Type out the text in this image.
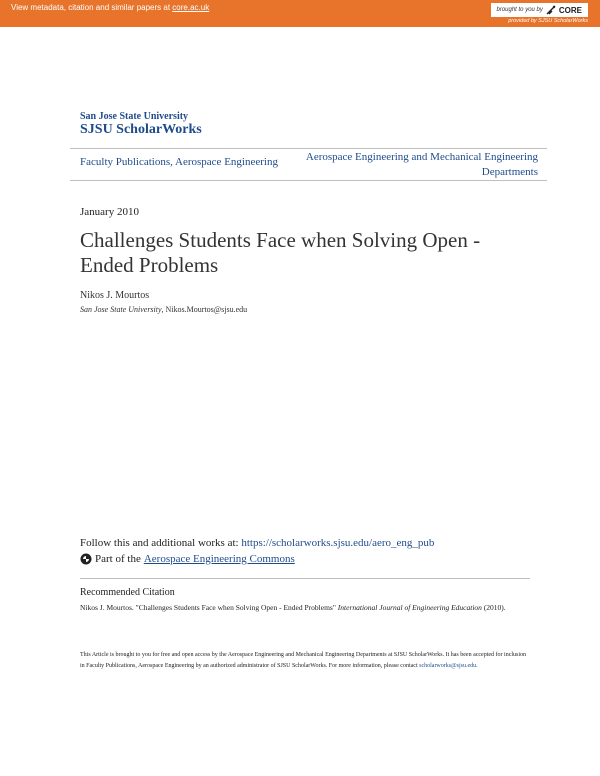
View metadata, citation and similar papers at core.ac.uk	brought to you by CORE
provided by SJSU ScholarWorks
San Jose State University
SJSU ScholarWorks
Faculty Publications, Aerospace Engineering	Aerospace Engineering and Mechanical Engineering Departments
January 2010
Challenges Students Face when Solving Open - Ended Problems
Nikos J. Mourtos
San Jose State University, Nikos.Mourtos@sjsu.edu
Follow this and additional works at: https://scholarworks.sjsu.edu/aero_eng_pub
Part of the Aerospace Engineering Commons
Recommended Citation
Nikos J. Mourtos. "Challenges Students Face when Solving Open - Ended Problems" International Journal of Engineering Education (2010).
This Article is brought to you for free and open access by the Aerospace Engineering and Mechanical Engineering Departments at SJSU ScholarWorks. It has been accepted for inclusion in Faculty Publications, Aerospace Engineering by an authorized administrator of SJSU ScholarWorks. For more information, please contact scholarworks@sjsu.edu.
